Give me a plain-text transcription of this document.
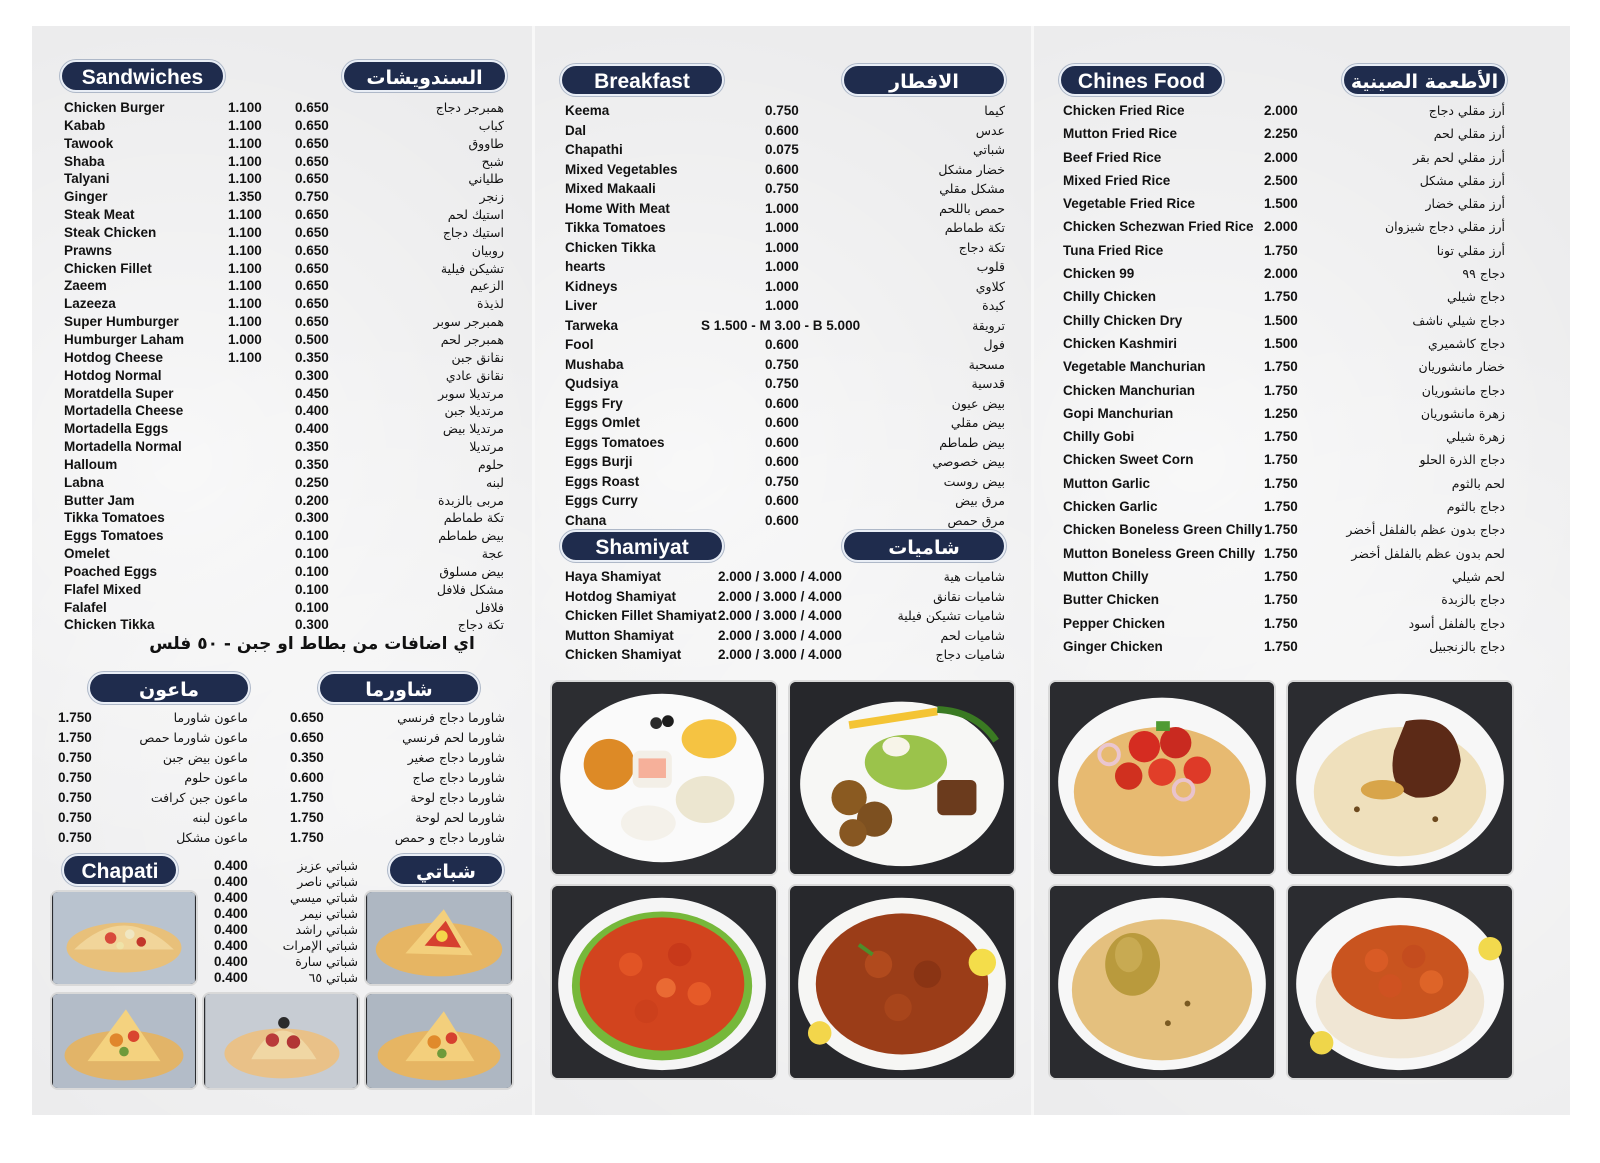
Sandwiches	السندويشات
Chicken Burger	1.100 0.650	همبرجر دجاج
Kabab	1.100 0.650	كباب
Tawook	1.100 0.650	طاووق
Shaba	1.100 0.650	شبح
Talyani	1.100 0.650	طلياني
Ginger	1.350 0.750	زنجر
Steak Meat	1.100 0.650	استيك لحم
Steak Chicken	1.100 0.650	استيك دجاج
Prawns	1.100 0.650	روبيان
Chicken Fillet	1.100 0.650	تشيكن فيلية
Zaeem	1.100 0.650	الزعيم
Lazeeza	1.100 0.650	لذيذة
Super Humburger	1.100 0.650	همبرجر سوبر
Humburger Laham	1.000 0.500	همبرجر لحم
Hotdog Cheese	1.100 0.350	نقانق جبن
Hotdog Normal	0.300	نقانق عادي
Moratdella Super	0.450	مرتديلا سوبر
Mortadella Cheese	0.400	مرتديلا جبن
Mortadella Eggs	0.400	مرتديلا بيض
Mortadella Normal	0.350	مرتديلا
Halloum	0.350	حلوم
Labna	0.250	لبنه
Butter Jam	0.200	مربى بالزبدة
Tikka Tomatoes	0.300	تكة طماطم
Eggs Tomatoes	0.100	بيض طماطم
Omelet	0.100	عجة
Poached Eggs	0.100	بيض مسلوق
Flafel Mixed	0.100	مشكل فلافل
Falafel	0.100	فلافل
Chicken Tikka	0.300	تكة دجاج
اي اضافات من بطاط او جبن - ٥٠ فلس
ماعون	شاورما
1.750	ماعون شاورما
1.750	ماعون شاورما حمص
0.750	ماعون بيض جبن
0.750	ماعون حلوم
0.750	ماعون جبن كرافت
0.750	ماعون لبنه
0.750	ماعون مشكل
0.650	شاورما دجاج فرنسي
0.650	شاورما لحم فرنسي
0.350	شاورما دجاج صغير
0.600	شاورما دجاج صاج
1.750	شاورما دجاج لوحة
1.750	شاورما لحم لوحة
1.750	شاورما دجاج و حمص
Chapati	شباتي
0.400	شباتي عزيز
0.400	شباتي ناصر
0.400	شباتي ميسي
0.400	شباتي نيمر
0.400	شباتي راشد
0.400	شباتي الإمرات
0.400	شباتي سارة
0.400	شباتي ٦٥
Breakfast	الافطار
Keema	0.750	كيما
Dal	0.600	عدس
Chapathi	0.075	شباتي
Mixed Vegetables	0.600	خضار مشكل
Mixed Makaali	0.750	مشكل مقلي
Home With Meat	1.000	حمص باللحم
Tikka Tomatoes	1.000	تكة طماطم
Chicken Tikka	1.000	تكة دجاج
hearts	1.000	قلوب
Kidneys	1.000	كلاوي
Liver	1.000	كبدة
Tarweka	S 1.500 - M 3.00 - B 5.000	ترويقة
Fool	0.600	فول
Mushaba	0.750	مسحبة
Qudsiya	0.750	قدسية
Eggs Fry	0.600	بيض عيون
Eggs Omlet	0.600	بيض مقلي
Eggs Tomatoes	0.600	بيض طماطم
Eggs Burji	0.600	بيض خصوصي
Eggs Roast	0.750	بيض روست
Eggs Curry	0.600	مرق بيض
Chana	0.600	مرق حمص
Shamiyat	شاميات
Haya Shamiyat	2.000 / 3.000 / 4.000	شاميات هية
Hotdog Shamiyat	2.000 / 3.000 / 4.000	شاميات نقانق
Chicken Fillet Shamiyat 2.000 / 3.000 / 4.000	شاميات تشيكن فيلية
Mutton Shamiyat	2.000 / 3.000 / 4.000	شاميات لحم
Chicken Shamiyat	2.000 / 3.000 / 4.000	شاميات دجاج
Chines Food	الأطعمة الصينية
Chicken Fried Rice	2.000	أرز مقلي دجاج
Mutton Fried Rice	2.250	أرز مقلي لحم
Beef Fried Rice	2.000	أرز مقلي لحم بقر
Mixed Fried Rice	2.500	أرز مقلي مشكل
Vegetable Fried Rice	1.500	أرز مقلي خضار
Chicken Schezwan Fried Rice 2.000	أرز مقلي دجاج شيزوان
Tuna Fried Rice	1.750	أرز مقلي تونا
Chicken 99	2.000	دجاج ٩٩
Chilly Chicken	1.750	دجاج شيلي
Chilly Chicken Dry	1.500	دجاج شيلي ناشف
Chicken Kashmiri	1.500	دجاج كاشميري
Vegetable Manchurian	1.750	خضار مانشوريان
Chicken Manchurian	1.750	دجاج مانشوريان
Gopi Manchurian	1.250	زهرة مانشوريان
Chilly Gobi	1.750	زهرة شيلي
Chicken Sweet Corn	1.750	دجاج الذرة الحلو
Mutton Garlic	1.750	لحم بالثوم
Chicken Garlic	1.750	دجاج بالثوم
Chicken Boneless Green Chilly 1.750	دجاج بدون عظم بالفلفل أخضر
Mutton Boneless Green Chilly 1.750	لحم بدون عظم بالفلفل أخضر
Mutton Chilly	1.750	لحم شيلي
Butter Chicken	1.750	دجاج بالزبدة
Pepper Chicken	1.750	دجاج بالفلفل أسود
Ginger Chicken	1.750	دجاج بالزنجبيل
